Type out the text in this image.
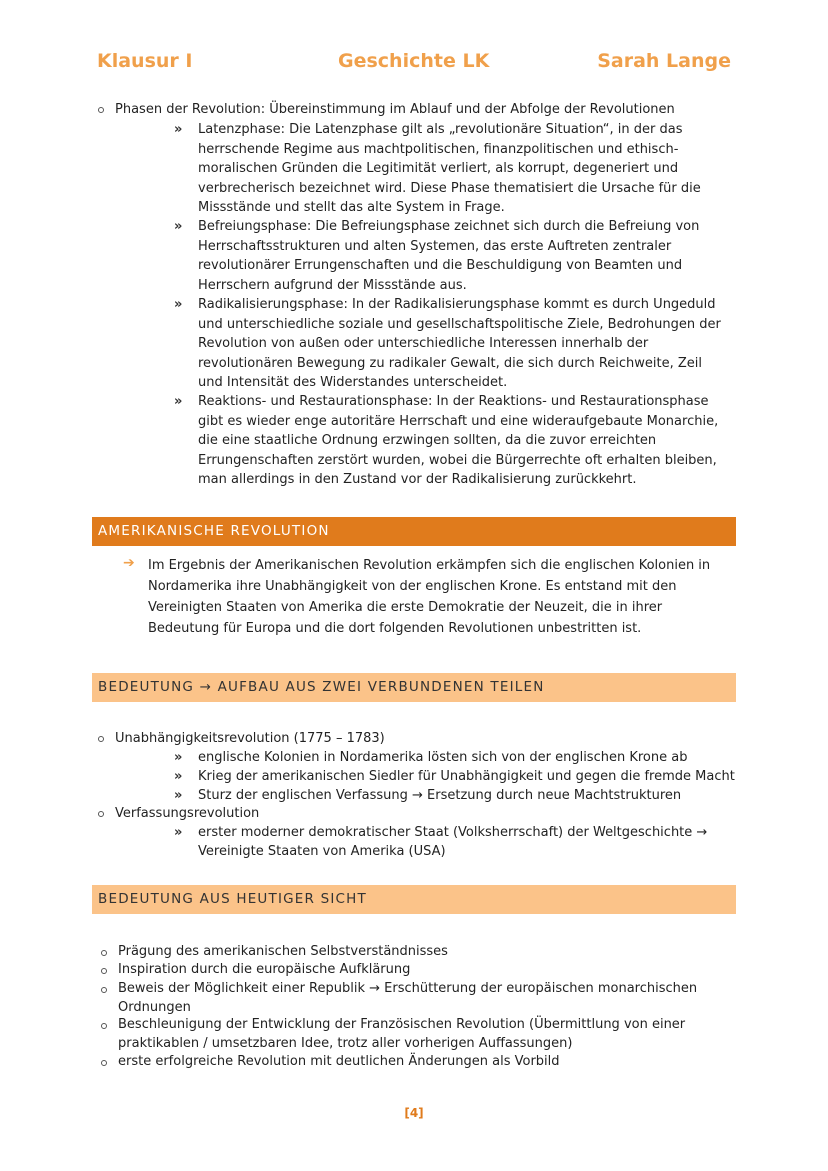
Klausur I	Geschichte LK	Sarah Lange
Phasen der Revolution: Übereinstimmung im Ablauf und der Abfolge der Revolutionen
» Latenzphase: Die Latenzphase gilt als „revolutionäre Situation“, in der das herrschende Regime aus machtpolitischen, finanzpolitischen und ethisch-moralischen Gründen die Legitimität verliert, als korrupt, degeneriert und verbrecherisch bezeichnet wird. Diese Phase thematisiert die Ursache für die Missstände und stellt das alte System in Frage.
» Befreiungsphase: Die Befreiungsphase zeichnet sich durch die Befreiung von Herrschaftsstrukturen und alten Systemen, das erste Auftreten zentraler revolutionärer Errungenschaften und die Beschuldigung von Beamten und Herrschern aufgrund der Missstände aus.
» Radikalisierungsphase: In der Radikalisierungsphase kommt es durch Ungeduld und unterschiedliche soziale und gesellschaftspolitische Ziele, Bedrohungen der Revolution von außen oder unterschiedliche Interessen innerhalb der revolutionären Bewegung zu radikaler Gewalt, die sich durch Reichweite, Zeil und Intensität des Widerstandes unterscheidet.
» Reaktions- und Restaurationsphase: In der Reaktions- und Restaurationsphase gibt es wieder enge autoritäre Herrschaft und eine wideraufgebaute Monarchie, die eine staatliche Ordnung erzwingen sollten, da die zuvor erreichten Errungenschaften zerstört wurden, wobei die Bürgerrechte oft erhalten bleiben, man allerdings in den Zustand vor der Radikalisierung zurückkehrt.
AMERIKANISCHE REVOLUTION
➔ Im Ergebnis der Amerikanischen Revolution erkämpfen sich die englischen Kolonien in Nordamerika ihre Unabhängigkeit von der englischen Krone. Es entstand mit den Vereinigten Staaten von Amerika die erste Demokratie der Neuzeit, die in ihrer Bedeutung für Europa und die dort folgenden Revolutionen unbestritten ist.
BEDEUTUNG → AUFBAU AUS ZWEI VERBUNDENEN TEILEN
Unabhängigkeitsrevolution (1775 – 1783)
» englische Kolonien in Nordamerika lösten sich von der englischen Krone ab
» Krieg der amerikanischen Siedler für Unabhängigkeit und gegen die fremde Macht
» Sturz der englischen Verfassung → Ersetzung durch neue Machtstrukturen
Verfassungsrevolution
» erster moderner demokratischer Staat (Volksherrschaft) der Weltgeschichte → Vereinigte Staaten von Amerika (USA)
BEDEUTUNG AUS HEUTIGER SICHT
Prägung des amerikanischen Selbstverständnisses
Inspiration durch die europäische Aufklärung
Beweis der Möglichkeit einer Republik → Erschütterung der europäischen monarchischen Ordnungen
Beschleunigung der Entwicklung der Französischen Revolution (Übermittlung von einer praktikablen / umsetzbaren Idee, trotz aller vorherigen Auffassungen)
erste erfolgreiche Revolution mit deutlichen Änderungen als Vorbild
[4]
